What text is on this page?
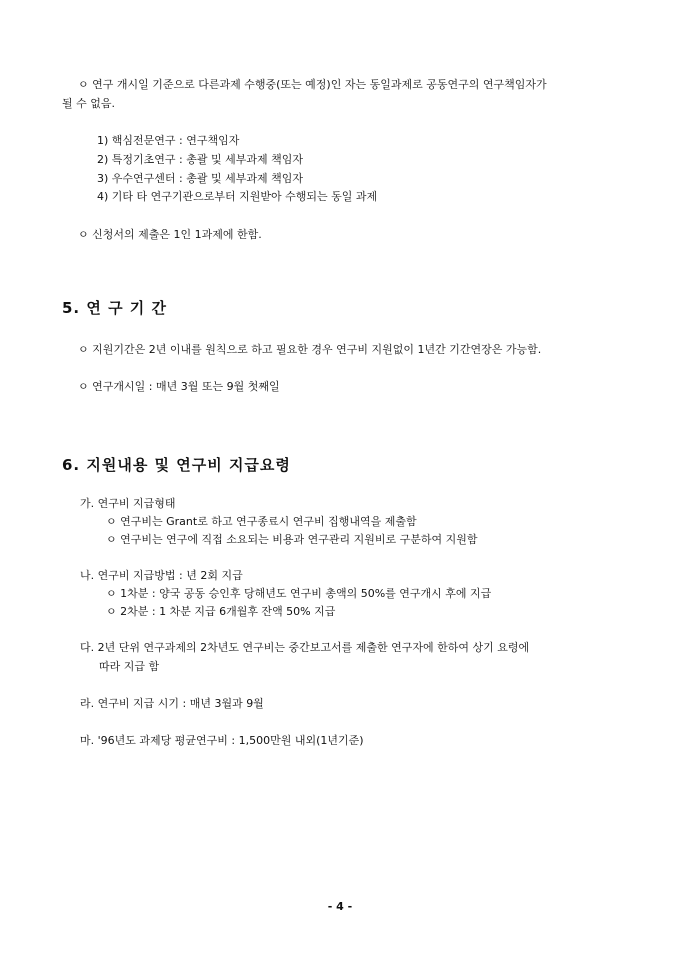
ㅇ 연구 개시일 기준으로 다른과제 수행중(또는 예정)인 자는 동일과제로 공동연구의 연구책임자가
될 수 없음.
1) 핵심전문연구 : 연구책임자
2) 특정기초연구 : 총괄 및 세부과제 책임자
3) 우수연구센터 : 총괄 및 세부과제 책임자
4) 기타 타 연구기관으로부터 지원받아 수행되는 동일 과제
ㅇ 신청서의 제출은 1인 1과제에 한함.
5. 연 구 기 간
ㅇ 지원기간은 2년 이내를 원칙으로 하고 필요한 경우 연구비 지원없이 1년간 기간연장은 가능함.
ㅇ 연구개시일 : 매년 3월 또는 9월 첫째일
6. 지원내용 및 연구비 지급요령
가. 연구비 지급형태
ㅇ 연구비는 Grant로 하고 연구종료시 연구비 집행내역을 제출함
ㅇ 연구비는 연구에 직접 소요되는 비용과 연구관리 지원비로 구분하여 지원함
나. 연구비 지급방법 : 년 2회 지급
ㅇ 1차분 : 양국 공동 승인후 당해년도 연구비 총액의 50%를 연구개시 후에 지급
ㅇ 2차분 : 1 차분 지급 6개월후 잔액 50% 지급
다. 2년 단위 연구과제의 2차년도 연구비는 중간보고서를 제출한 연구자에 한하여 상기 요령에
따라 지급 함
라. 연구비 지급 시기 : 매년 3월과 9월
마. '96년도 과제당 평균연구비 : 1,500만원 내외(1년기준)
- 4 -
